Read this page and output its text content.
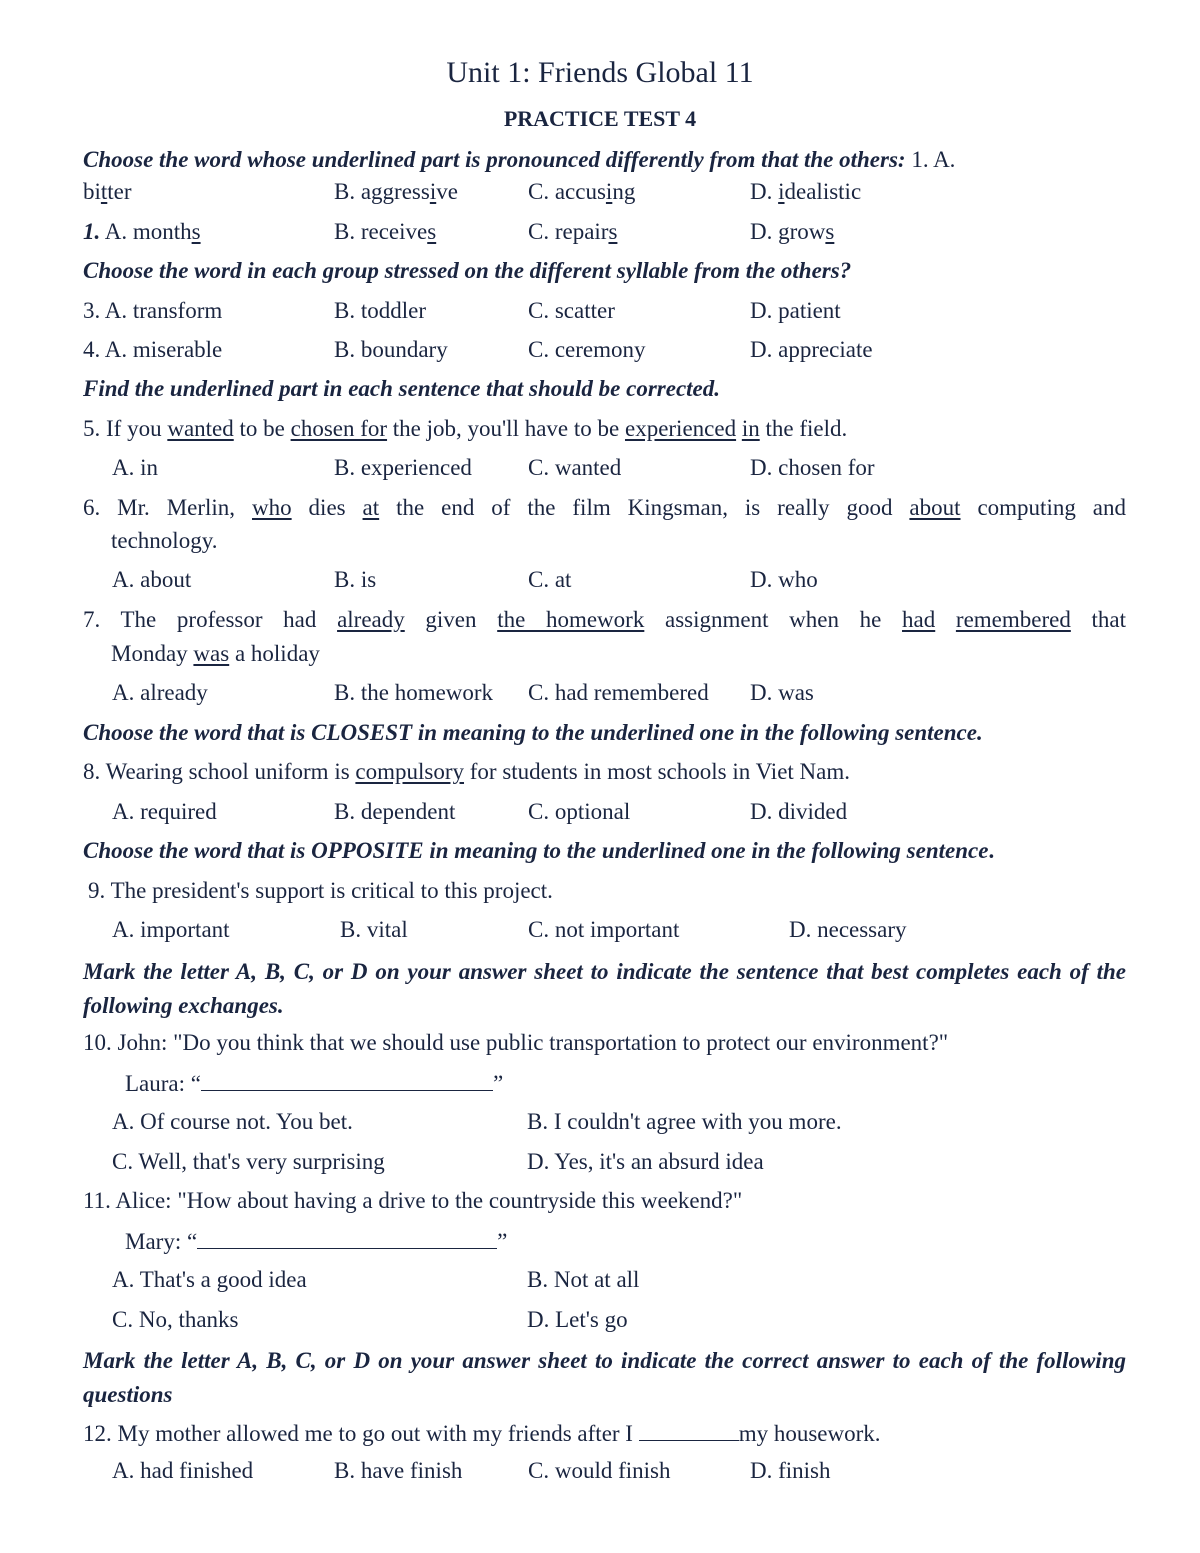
Unit 1: Friends Global 11
PRACTICE TEST 4
Choose the word whose underlined part is pronounced differently from that the others: 1. A.
bitter	B. aggressive	C. accusing	D. idealistic
1. A. months	B. receives	C. repairs	D. grows
Choose the word in each group stressed on the different syllable from the others?
3. A. transform	B. toddler	C. scatter	D. patient
4. A. miserable	B. boundary	C. ceremony	D. appreciate
Find the underlined part in each sentence that should be corrected.
5. If you wanted to be chosen for the job, you'll have to be experienced in the field.
A. in	B. experienced C. wanted	D. chosen for
6. Mr. Merlin, who dies at the end of the film Kingsman, is really good about computing and
technology.
A. about	B. is	C. at	D. who
7. The professor had already given the homework assignment when he had remembered that
Monday was a holiday
A. already	B. the homework C. had remembered D. was
Choose the word that is CLOSEST in meaning to the underlined one in the following sentence.
8. Wearing school uniform is compulsory for students in most schools in Viet Nam.
A. required	B. dependent	C. optional	D. divided
Choose the word that is OPPOSITE in meaning to the underlined one in the following sentence.
9. The president's support is critical to this project.
A. important	B. vital	C. not important	D. necessary
Mark the letter A, B, C, or D on your answer sheet to indicate the sentence that best completes each of the following exchanges.
10. John: "Do you think that we should use public transportation to protect our environment?"
Laura: “	”
A. Of course not. You bet.	B. I couldn't agree with you more.
C. Well, that's very surprising	D. Yes, it's an absurd idea
11. Alice: "How about having a drive to the countryside this weekend?"
Mary: “	”
A. That's a good idea	B. Not at all
C. No, thanks	D. Let's go
Mark the letter A, B, C, or D on your answer sheet to indicate the correct answer to each of the following questions
12. My mother allowed me to go out with my friends after I	my housework.
A. had finished	B. have finish	C. would finish	D. finish
